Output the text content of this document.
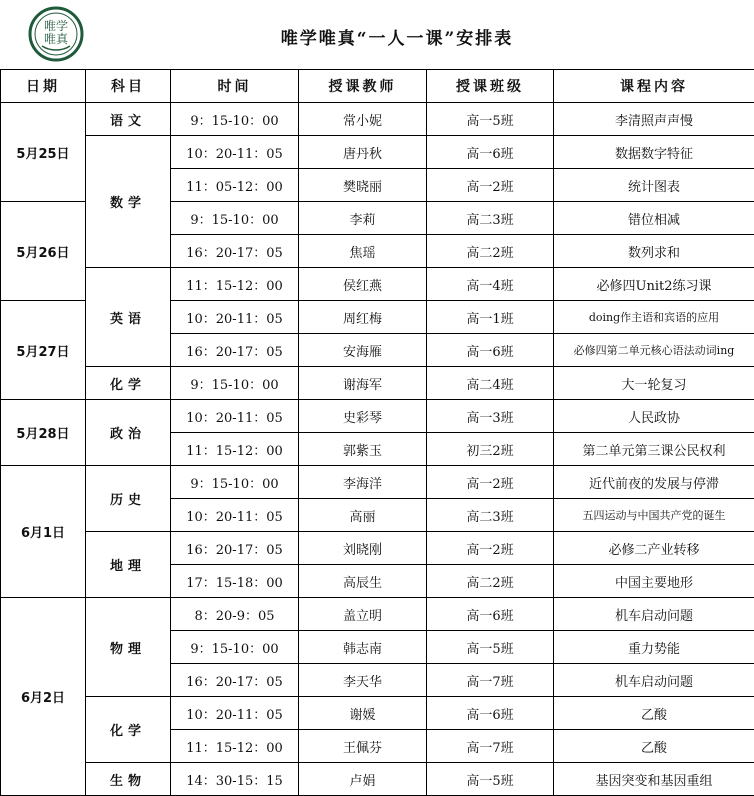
唯学
唯真	唯学唯真“一人一课”安排表
日期	科目	时间	授课教师	授课班级	课程内容
5月25日	语文	9：15-10：00	常小妮	高一5班	李清照声声慢
	数学	10：20-11：05	唐丹秋	高一6班	数据数字特征
		11：05-12：00	樊晓丽	高一2班	统计图表
5月26日		9：15-10：00	李莉	高二3班	错位相减
		16：20-17：05	焦瑶	高二2班	数列求和
	英语	11：15-12：00	侯红燕	高一4班	必修四Unit2练习课
5月27日		10：20-11：05	周红梅	高一1班	doing作主语和宾语的应用
		16：20-17：05	安海雁	高一6班	必修四第二单元核心语法动词ing
	化学	9：15-10：00	谢海军	高二4班	大一轮复习
5月28日	政治	10：20-11：05	史彩琴	高一3班	人民政协
		11：15-12：00	郭紫玉	初三2班	第二单元第三课公民权利
6月1日	历史	9：15-10：00	李海洋	高一2班	近代前夜的发展与停滞
		10：20-11：05	高丽	高二3班	五四运动与中国共产党的诞生
	地理	16：20-17：05	刘晓刚	高一2班	必修二产业转移
		17：15-18：00	高辰生	高二2班	中国主要地形
6月2日	物理	8：20-9：05	盖立明	高一6班	机车启动问题
		9：15-10：00	韩志南	高一5班	重力势能
		16：20-17：05	李天华	高一7班	机车启动问题
	化学	10：20-11：05	谢媛	高一6班	乙酸
		11：15-12：00	王佩芬	高一7班	乙酸
	生物	14：30-15：15	卢娟	高一5班	基因突变和基因重组
